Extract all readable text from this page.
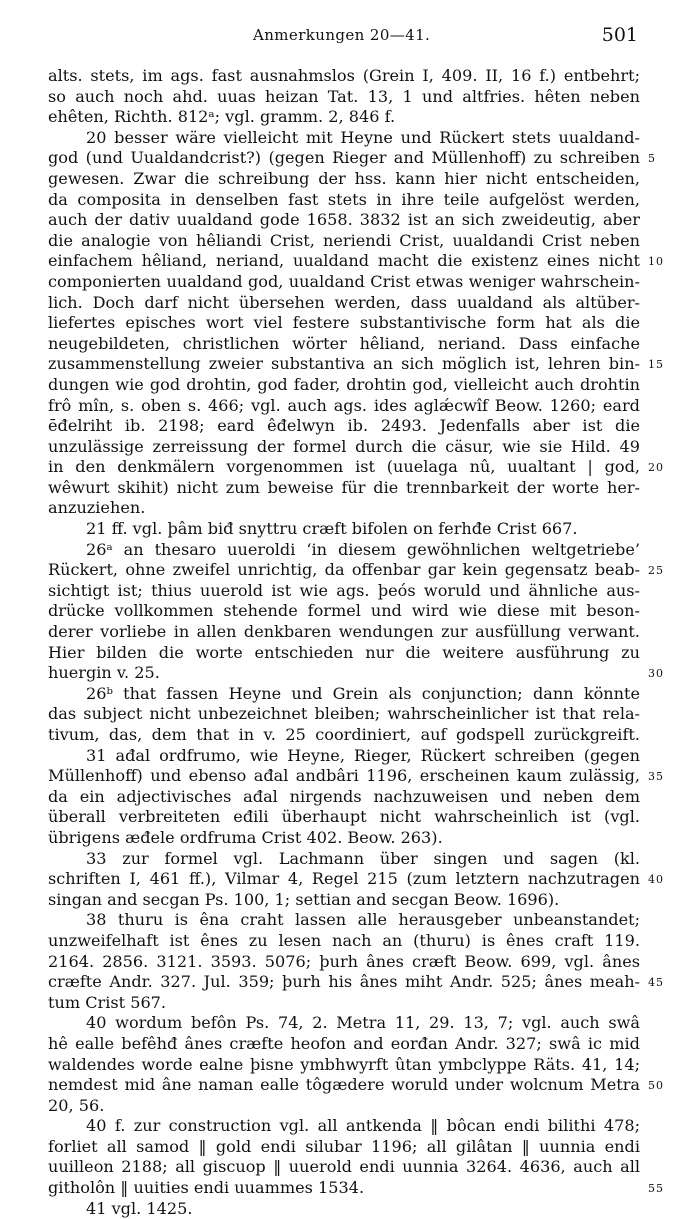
Anmerkungen 20—41.	501
alts. stets, im ags. fast ausnahmslos (Grein I, 409. II, 16 f.) entbehrt;
so auch noch ahd. uuas heizan Tat. 13, 1 und altfries. hêten neben
ehêten, Richth. 812ᵃ; vgl. gramm. 2, 846 f.
20 besser wäre vielleicht mit Heyne und Rückert stets uualdand-
god (und Uualdandcrist?) (gegen Rieger and Müllenhoff) zu schreiben 5
gewesen. Zwar die schreibung der hss. kann hier nicht entscheiden,
da composita in denselben fast stets in ihre teile aufgelöst werden,
auch der dativ uualdand gode 1658. 3832 ist an sich zweideutig, aber
die analogie von hêliandi Crist, neriendi Crist, uualdandi Crist neben
einfachem hêliand, neriand, uualdand macht die existenz eines nicht 10
componierten uualdand god, uualdand Crist etwas weniger wahrschein-
lich. Doch darf nicht übersehen werden, dass uualdand als altüber-
liefertes episches wort viel festere substantivische form hat als die
neugebildeten, christlichen wörter hêliand, neriand. Dass einfache
zusammenstellung zweier substantiva an sich möglich ist, lehren bin- 15
dungen wie god drohtin, god fader, drohtin god, vielleicht auch drohtin
frô mîn, s. oben s. 466; vgl. auch ags. ides aglǽcwîf Beow. 1260; eard
ēđelriht ib. 2198; eard êđelwyn ib. 2493. Jedenfalls aber ist die
unzulässige zerreissung der formel durch die cäsur, wie sie Hild. 49
in den denkmälern vorgenommen ist (uuelaga nû, uualtant | god, 20
wêwurt skihit) nicht zum beweise für die trennbarkeit der worte her-
anzuziehen.
21 ff. vgl. þâm biđ snyttru cræft bifolen on ferhđe Crist 667.
26ᵃ an thesaro uueroldi ‘in diesem gewöhnlichen weltgetriebe’
Rückert, ohne zweifel unrichtig, da offenbar gar kein gegensatz beab- 25
sichtigt ist; thius uuerold ist wie ags. þeós woruld und ähnliche aus-
drücke vollkommen stehende formel und wird wie diese mit beson-
derer vorliebe in allen denkbaren wendungen zur ausfüllung verwant.
Hier bilden die worte entschieden nur die weitere ausführung zu
huergin v. 25.	30
26ᵇ that fassen Heyne und Grein als conjunction; dann könnte
das subject nicht unbezeichnet bleiben; wahrscheinlicher ist that rela-
tivum, das, dem that in v. 25 coordiniert, auf godspell zurückgreift.
31 ađal ordfrumo, wie Heyne, Rieger, Rückert schreiben (gegen
Müllenhoff) und ebenso ađal andbâri 1196, erscheinen kaum zulässig, 35
da ein adjectivisches ađal nirgends nachzuweisen und neben dem
überall verbreiteten eđili überhaupt nicht wahrscheinlich ist (vgl.
übrigens æđele ordfruma Crist 402. Beow. 263).
33 zur formel vgl. Lachmann über singen und sagen (kl.
schriften I, 461 ff.), Vilmar 4, Regel 215 (zum letztern nachzutragen 40
singan and secgan Ps. 100, 1; settian and secgan Beow. 1696).
38 thuru is êna craht lassen alle herausgeber unbeanstandet;
unzweifelhaft ist ênes zu lesen nach an (thuru) is ênes craft 119.
2164. 2856. 3121. 3593. 5076; þurh ânes cræft Beow. 699, vgl. ânes
cræfte Andr. 327. Jul. 359; þurh his ânes miht Andr. 525; ânes meah- 45
tum Crist 567.
40 wordum befôn Ps. 74, 2. Metra 11, 29. 13, 7; vgl. auch swâ
hê ealle befêhđ ânes cræfte heofon and eorđan Andr. 327; swâ ic mid
waldendes worde ealne þisne ymbhwyrft ûtan ymbclyppe Räts. 41, 14;
nemdest mid âne naman ealle tôgædere woruld under wolcnum Metra 50
20, 56.
40 f. zur construction vgl. all antkenda ‖ bôcan endi bilithi 478;
forliet all samod ‖ gold endi silubar 1196; all gilâtan ‖ uunnia endi
uuilleon 2188; all giscuop ‖ uuerold endi uunnia 3264. 4636, auch all
githolôn ‖ uuities endi uuammes 1534.	55
41 vgl. 1425.
